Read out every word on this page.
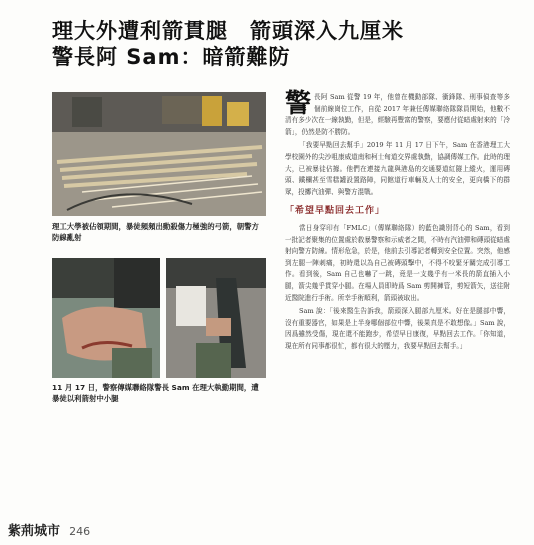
理大外遭利箭貫腿　箭頭深入九厘米
警長阿 Sam：暗箭難防
理工大學被佔領期間，暴徒頻頻出動殺傷力極強的弓箭，朝警方防線亂射
11 月 17 日，警察傳媒聯絡隊警長 Sam 在理大執勤期間，遭暴徒以利箭射中小腿

警長阿 Sam 從警 19 年，他曾在機動部隊、衝鋒隊、刑事偵查等多個前線崗位工作，自從 2017 年兼任傳媒聯絡隊隊員開始，他數不清有多少次在一線執勤，但是，經驗再豐富的警察，要應付從暗處射來的「冷箭」，仍然是防不勝防。

「我要早點回去幫手」2019 年 11 月 17 日下午，Sam 在香港理工大學校園外的尖沙咀康威道南和柯士甸道交界處執勤，協調傳媒工作。此時的理大，已被暴徒佔據。他們在連接九龍與港島的交通要道紅隧上縱火，運用磚頭、鐵欄甚至雪糕罐設置路障，同館道行車輛及人士的安全，更向橋下的群眾，投擲汽油彈、與警方混戰。

「希望早點回去工作」

當日身穿印有「FMLC」（傳媒聯絡隊）的藍色識別背心的 Sam，看到一批記者聚集的位置處於救暴警察和示威者之間，不時有汽油彈和磚頭從暗處射向警方防線。情形危急，於是，他前去引導記者轉到安全位置。突然，他感到左腿一陣刺痛，初時還以為自己被磚頭擊中，不得不咬緊牙關完成引導工作。看到後，Sam 自己也嚇了一跳，竟是一支幾乎有一米長的箭直插入小腿，箭尖幾乎貫穿小腿。在場人員即時爲 Sam 剪開褲管，剪短箭矢，送往附近醫院進行手術。所幸手術順利，箭頭被取出。

Sam 說：「後來醫生告訴我，箭頭深入腿部九厘米。好在是腿部中響，沒有重要器官，如果是上半身哪個部位中響，後果真是不敢想像。」Sam 說，因爲雖然受傷，現在還不能跑步，希望早日康復，早點回去工作。「你知道，現在所有同事都很忙，都有很大的壓力，我要早點回去幫手。」

紫荊城市 246
